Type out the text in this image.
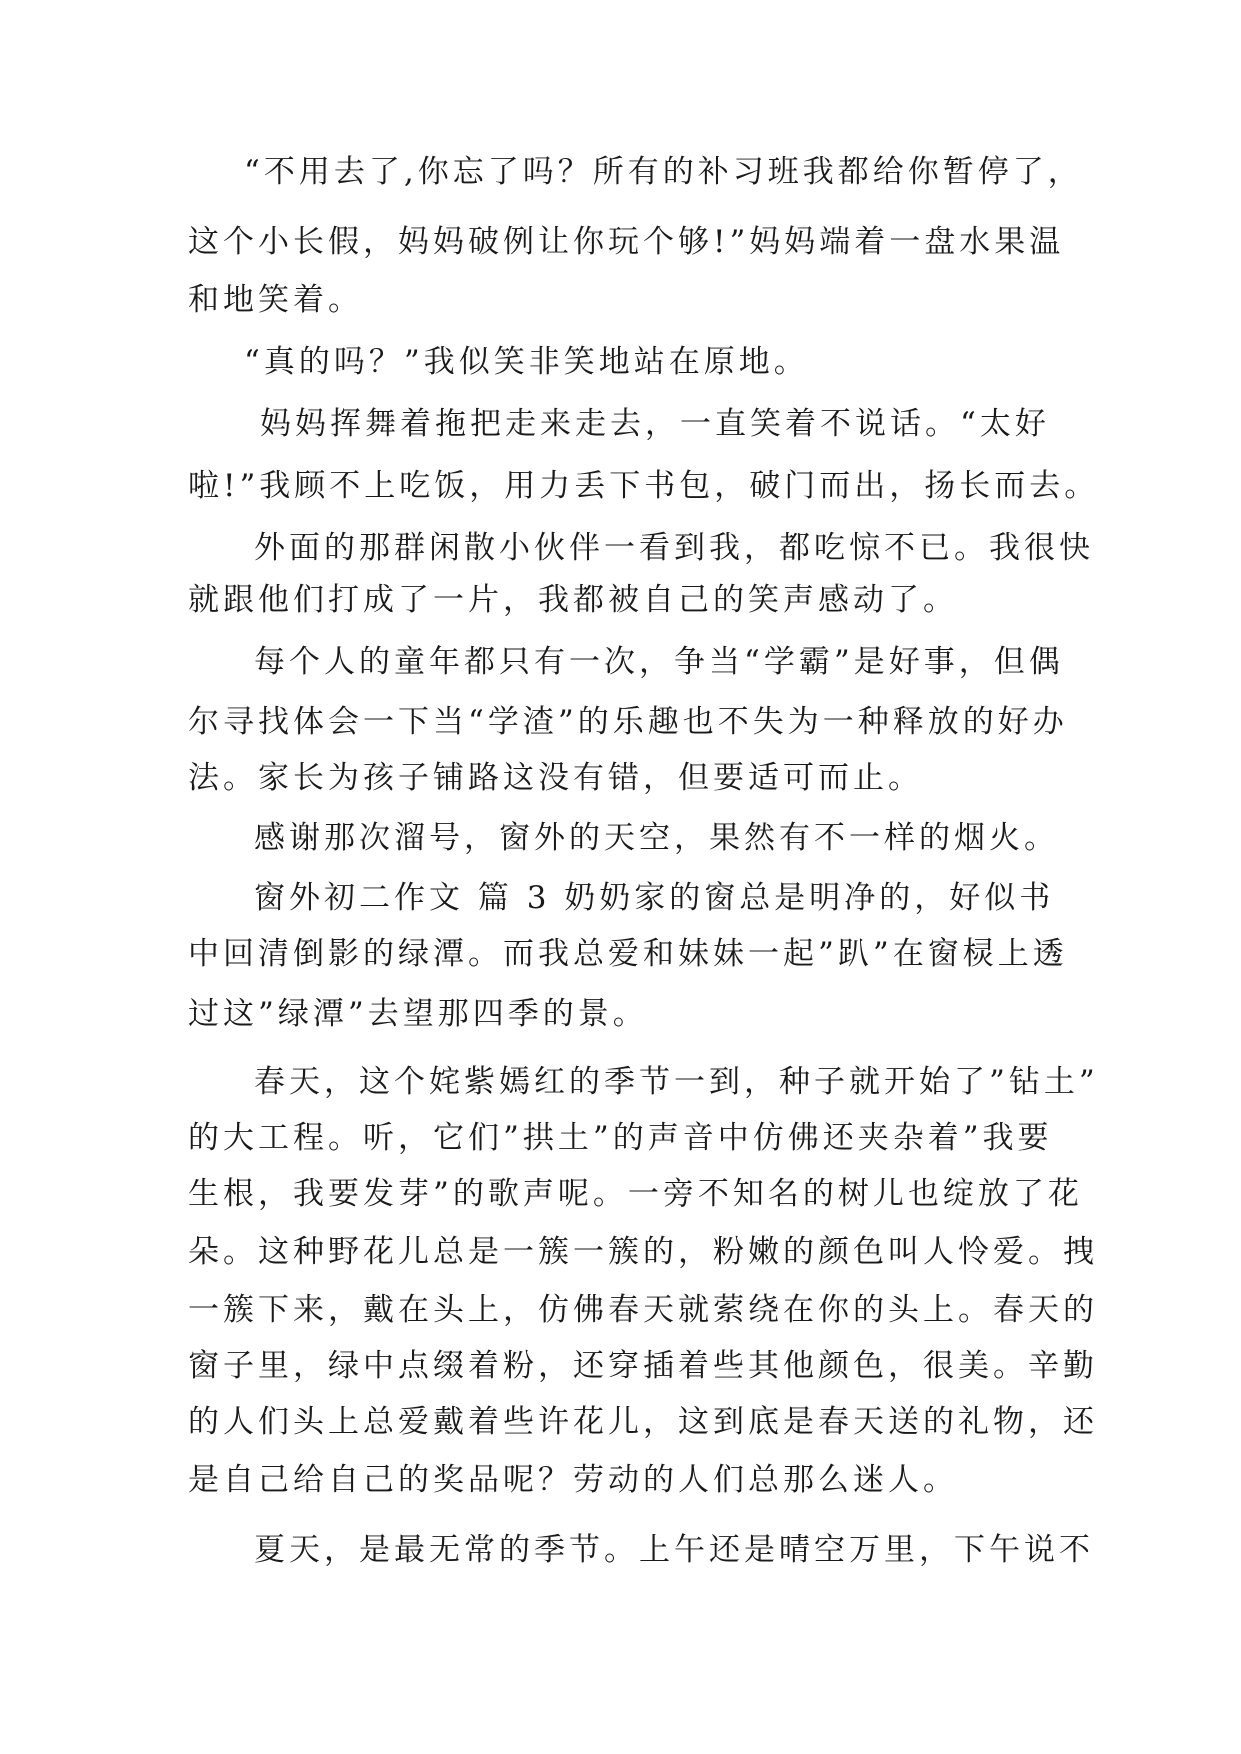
“不用去了,你忘了吗？所有的补习班我都给你暂停了，
这个小长假，妈妈破例让你玩个够!”妈妈端着一盘水果温
和地笑着。
“真的吗？”我似笑非笑地站在原地。
妈妈挥舞着拖把走来走去，一直笑着不说话。“太好
啦!”我顾不上吃饭，用力丢下书包，破门而出，扬长而去。
外面的那群闲散小伙伴一看到我，都吃惊不已。我很快
就跟他们打成了一片，我都被自己的笑声感动了。
每个人的童年都只有一次，争当“学霸”是好事，但偶
尔寻找体会一下当“学渣”的乐趣也不失为一种释放的好办
法。家长为孩子铺路这没有错，但要适可而止。
感谢那次溜号，窗外的天空，果然有不一样的烟火。
窗外初二作文 篇 3 奶奶家的窗总是明净的，好似书
中回清倒影的绿潭。而我总爱和妹妹一起”趴”在窗棂上透
过这”绿潭”去望那四季的景。
春天，这个姹紫嫣红的季节一到，种子就开始了”钻土”
的大工程。听，它们”拱土”的声音中仿佛还夹杂着”我要
生根，我要发芽”的歌声呢。一旁不知名的树儿也绽放了花
朵。这种野花儿总是一簇一簇的，粉嫩的颜色叫人怜爱。拽
一簇下来，戴在头上，仿佛春天就萦绕在你的头上。春天的
窗子里，绿中点缀着粉，还穿插着些其他颜色，很美。辛勤
的人们头上总爱戴着些许花儿，这到底是春天送的礼物，还
是自己给自己的奖品呢？劳动的人们总那么迷人。
夏天，是最无常的季节。上午还是晴空万里，下午说不
